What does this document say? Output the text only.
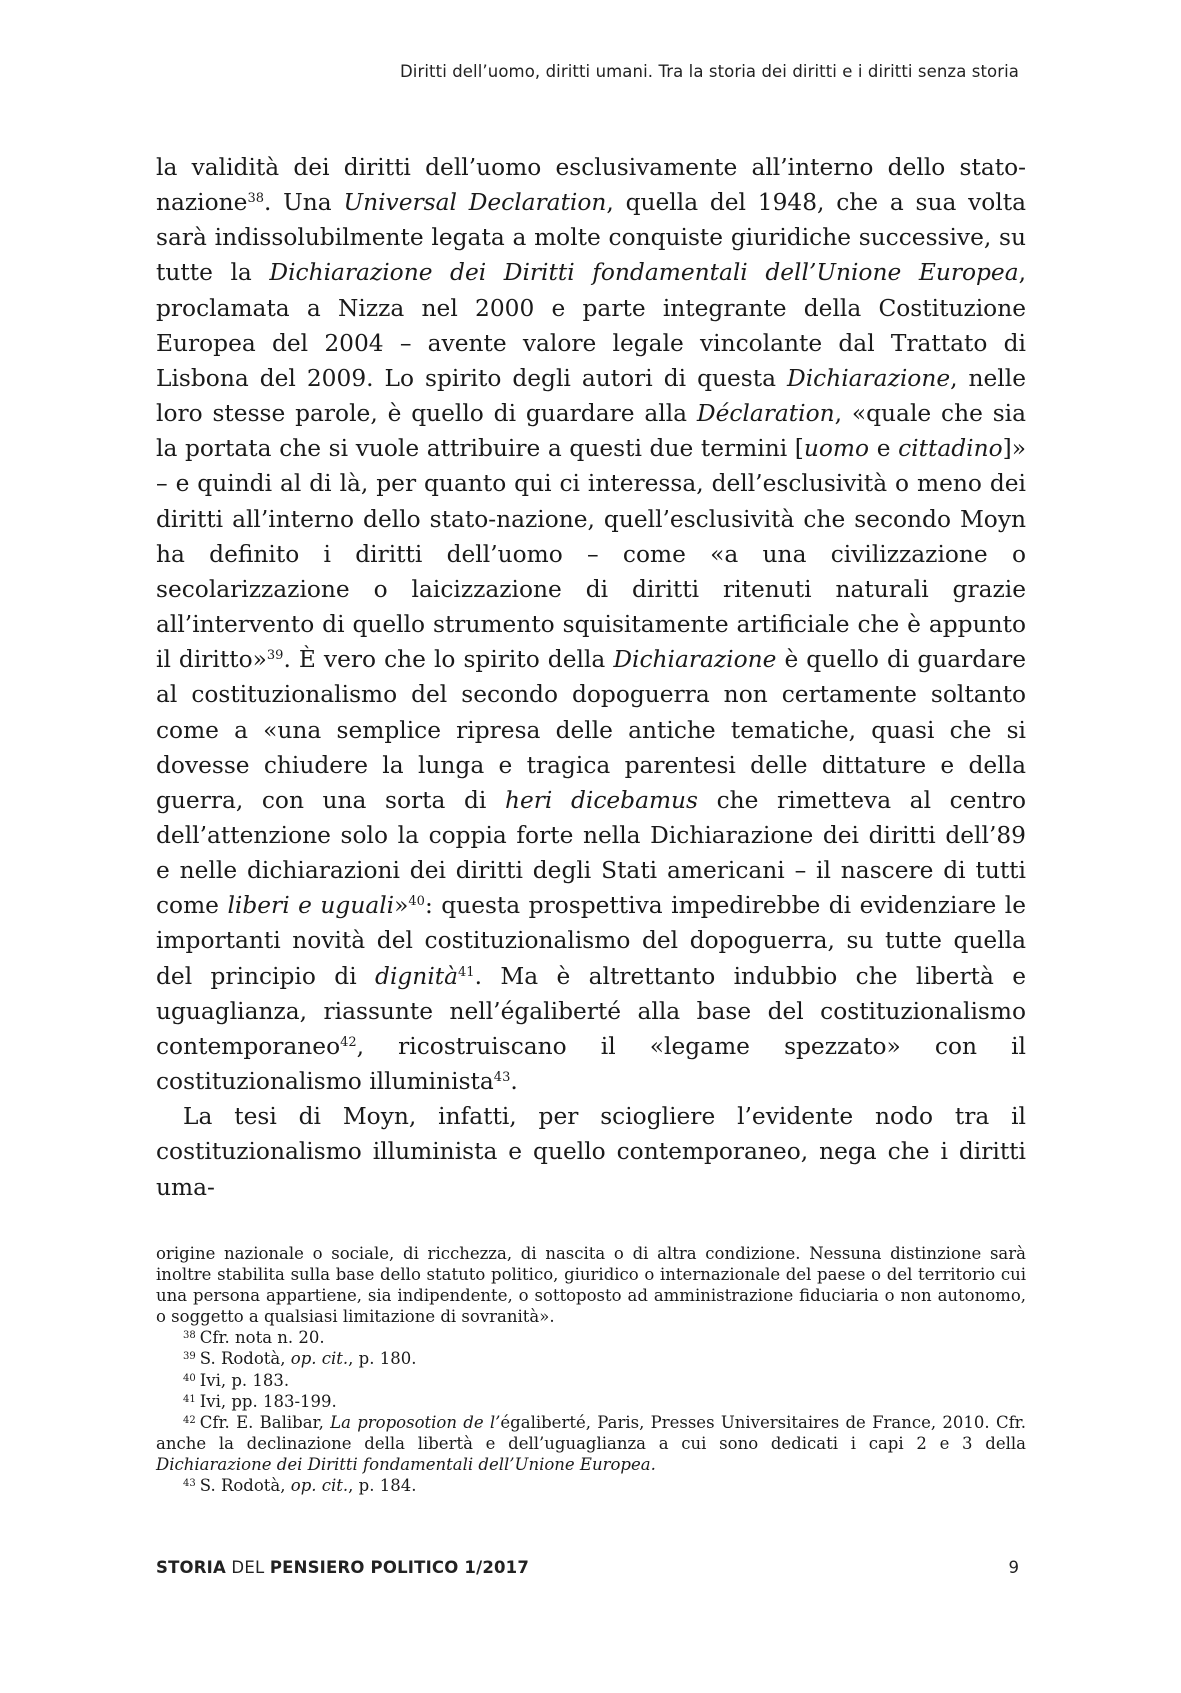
Diritti dell’uomo, diritti umani. Tra la storia dei diritti e i diritti senza storia

la validità dei diritti dell’uomo esclusivamente all’interno dello stato-nazione$^{38}$. Una Universal Declaration, quella del 1948, che a sua volta sarà indissolubilmente legata a molte conquiste giuridiche successive, su tutte la Dichiarazione dei Diritti fondamentali dell’Unione Europea, proclamata a Nizza nel 2000 e parte integrante della Costituzione Europea del 2004 – avente valore legale vincolante dal Trattato di Lisbona del 2009. Lo spirito degli autori di questa Dichiarazione, nelle loro stesse parole, è quello di guardare alla Déclaration, «quale che sia la portata che si vuole attribuire a questi due termini [uomo e cittadino]» – e quindi al di là, per quanto qui ci interessa, dell’esclusività o meno dei diritti all’interno dello stato-nazione, quell’esclusività che secondo Moyn ha definito i diritti dell’uomo – come «a una civilizzazione o secolarizzazione o laicizzazione di diritti ritenuti naturali grazie all’intervento di quello strumento squisitamente artificiale che è appunto il diritto»$^{39}$. È vero che lo spirito della Dichiarazione è quello di guardare al costituzionalismo del secondo dopoguerra non certamente soltanto come a «una semplice ripresa delle antiche tematiche, quasi che si dovesse chiudere la lunga e tragica parentesi delle dittature e della guerra, con una sorta di heri dicebamus che rimetteva al centro dell’attenzione solo la coppia forte nella Dichiarazione dei diritti dell’89 e nelle dichiarazioni dei diritti degli Stati americani – il nascere di tutti come liberi e uguali»$^{40}$: questa prospettiva impedirebbe di evidenziare le importanti novità del costituzionalismo del dopoguerra, su tutte quella del principio di dignità$^{41}$. Ma è altrettanto indubbio che libertà e uguaglianza, riassunte nell’égaliberté alla base del costituzionalismo contemporaneo$^{42}$, ricostruiscano il «legame spezzato» con il costituzionalismo illuminista$^{43}$.

La tesi di Moyn, infatti, per sciogliere l’evidente nodo tra il costituzionalismo illuminista e quello contemporaneo, nega che i diritti uma-

origine nazionale o sociale, di ricchezza, di nascita o di altra condizione. Nessuna distinzione sarà inoltre stabilita sulla base dello statuto politico, giuridico o internazionale del paese o del territorio cui una persona appartiene, sia indipendente, o sottoposto ad amministrazione fiduciaria o non autonomo, o soggetto a qualsiasi limitazione di sovranità».

$^{38}$ Cfr. nota n. 20.

$^{39}$ S. Rodotà, op. cit., p. 180.

$^{40}$ Ivi, p. 183.

$^{41}$ Ivi, pp. 183-199.

$^{42}$ Cfr. E. Balibar, La proposotion de l’égaliberté, Paris, Presses Universitaires de France, 2010. Cfr. anche la declinazione della libertà e dell’uguaglianza a cui sono dedicati i capi 2 e 3 della Dichiarazione dei Diritti fondamentali dell’Unione Europea.

$^{43}$ S. Rodotà, op. cit., p. 184.

STORIA DEL PENSIERO POLITICO 1/2017	9
